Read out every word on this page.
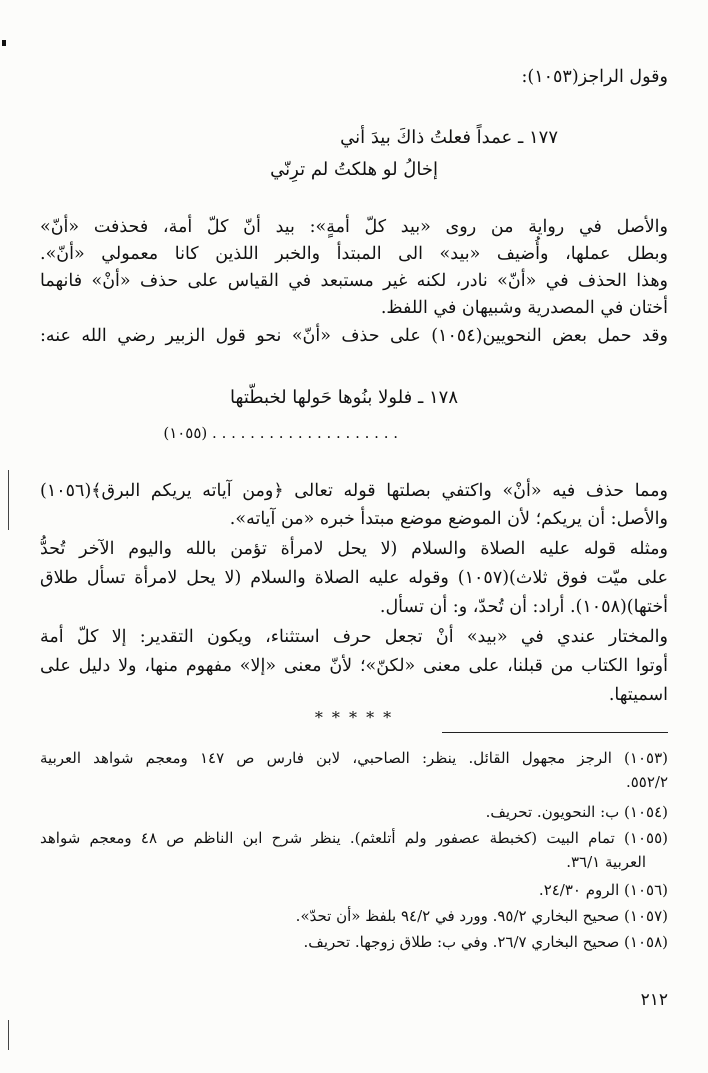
وقول الراجز(١٠٥٣):
١٧٧ ـ عمداً فعلتُ ذاكَ بيدَ أني
إخالُ لو هلكتُ لم ترِنّي
والأصل في رواية من روى «بيد كلّ أمةٍ»: بيد أنّ كلّ أمة، فحذفت «أنّ»
وبطل عملها، وأُضيف «بيد» الى المبتدأ والخبر اللذين كانا معمولي «أنّ».
وهذا الحذف في «أنّ» نادر، لكنه غير مستبعد في القياس على حذف «أنْ» فانهما
أختان في المصدرية وشبيهان في اللفظ.
وقد حمل بعض النحويين(١٠٥٤) على حذف «أنّ» نحو قول الزبير رضي الله عنه:
١٧٨ ـ فلولا بنُوها حَولها لخبطّتها
. . . . . . . . . . . . . . . . . . . . (١٠٥٥)
ومما حذف فيه «أنْ» واكتفي بصلتها قوله تعالى ﴿ومن آياته يريكم البرق﴾(١٠٥٦)
والأصل: أن يريكم؛ لأن الموضع موضع مبتدأ خبره «من آياته».
ومثله قوله عليه الصلاة والسلام (لا يحل لامرأة تؤمن بالله واليوم الآخر تُحدُّ
على ميّت فوق ثلاث)(١٠٥٧) وقوله عليه الصلاة والسلام (لا يحل لامرأة تسأل طلاق
أختها)(١٠٥٨). أراد: أن تُحدّ، و: أن تسأل.
والمختار عندي في «بيد» أنْ تجعل حرف استثناء، ويكون التقدير: إلا كلّ أمة
أوتوا الكتاب من قبلنا، على معنى «لكنّ»؛ لأنّ معنى «إلا» مفهوم منها، ولا دليل على
اسميتها.
* * * * *
(١٠٥٣) الرجز مجهول القائل. ينظر: الصاحبي، لابن فارس ص ١٤٧ ومعجم شواهد العربية
٥٥٢/٢.
(١٠٥٤) ب: النحويون. تحريف.
(١٠٥٥) تمام البيت (كخبطة عصفور ولم أتلعثم). ينظر شرح ابن الناظم ص ٤٨ ومعجم شواهد
العربية ٣٦/١.
(١٠٥٦) الروم ٢٤/٣٠.
(١٠٥٧) صحيح البخاري ٩٥/٢. وورد في ٩٤/٢ بلفظ «أن تحدّ».
(١٠٥٨) صحيح البخاري ٢٦/٧. وفي ب: طلاق زوجها. تحريف.
٢١٢
